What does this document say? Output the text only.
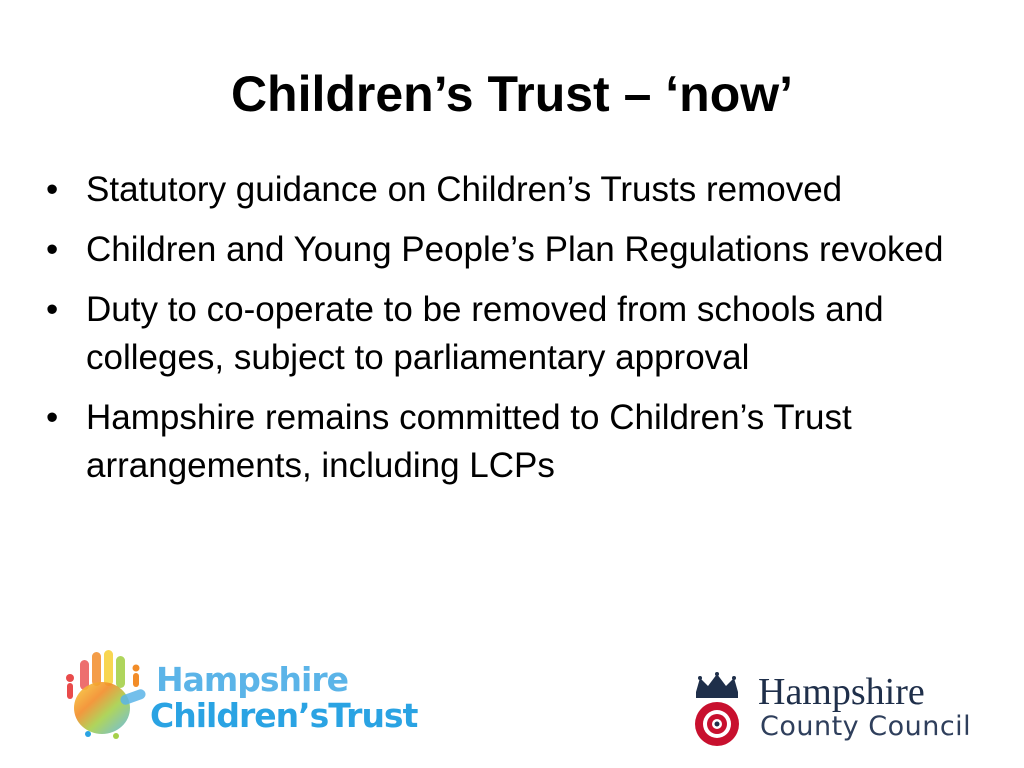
Children’s Trust – ‘now’
• Statutory guidance on Children’s Trusts removed
• Children and Young People’s Plan Regulations revoked
• Duty to co-operate to be removed from schools and colleges, subject to parliamentary approval
• Hampshire remains committed to Children’s Trust arrangements, including LCPs
Hampshire
Children’sTrust
Hampshire
County Council
